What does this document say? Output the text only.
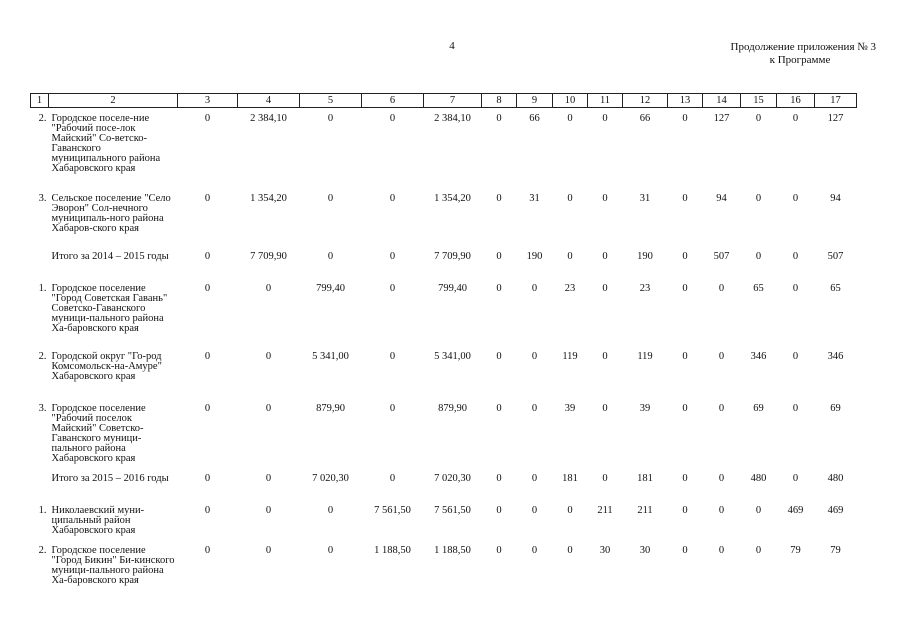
4	Продолжение приложения № 3
к Программе
1	2	3	4	5	6	7	8	9	10	11	12	13	14	15	16	17
2.	Городское поселе-ние "Рабочий посе-лок Майский" Со-ветско-Гаванского муниципального района Хабаровского края	0	2 384,10	0	0	2 384,10	0	66	0	0	66	0	127	0	0	127
3.	Сельское поселение "Село Эворон" Сол-нечного муниципаль-ного района Хабаров-ского края	0	1 354,20	0	0	1 354,20	0	31	0	0	31	0	94	0	0	94
	Итого за 2014 – 2015 годы	0	7 709,90	0	0	7 709,90	0	190	0	0	190	0	507	0	0	507
1.	Городское поселение "Город Советская Гавань" Советско-Гаванского муници-пального района Ха-баровского края	0	0	799,40	0	799,40	0	0	23	0	23	0	0	65	0	65
2.	Городской округ "Го-род Комсомольск-на-Амуре" Хабаровского края	0	0	5 341,00	0	5 341,00	0	0	119	0	119	0	0	346	0	346
3.	Городское поселение "Рабочий поселок Майский" Советско-Гаванского муници-пального района Хабаровского края	0	0	879,90	0	879,90	0	0	39	0	39	0	0	69	0	69
	Итого за 2015 – 2016 годы	0	0	7 020,30	0	7 020,30	0	0	181	0	181	0	0	480	0	480
1.	Николаевский муни-ципальный район Хабаровского края	0	0	0	7 561,50	7 561,50	0	0	0	211	211	0	0	0	469	469
2.	Городское поселение "Город Бикин" Би-кинского муници-пального района Ха-баровского края	0	0	0	1 188,50	1 188,50	0	0	0	30	30	0	0	0	79	79
